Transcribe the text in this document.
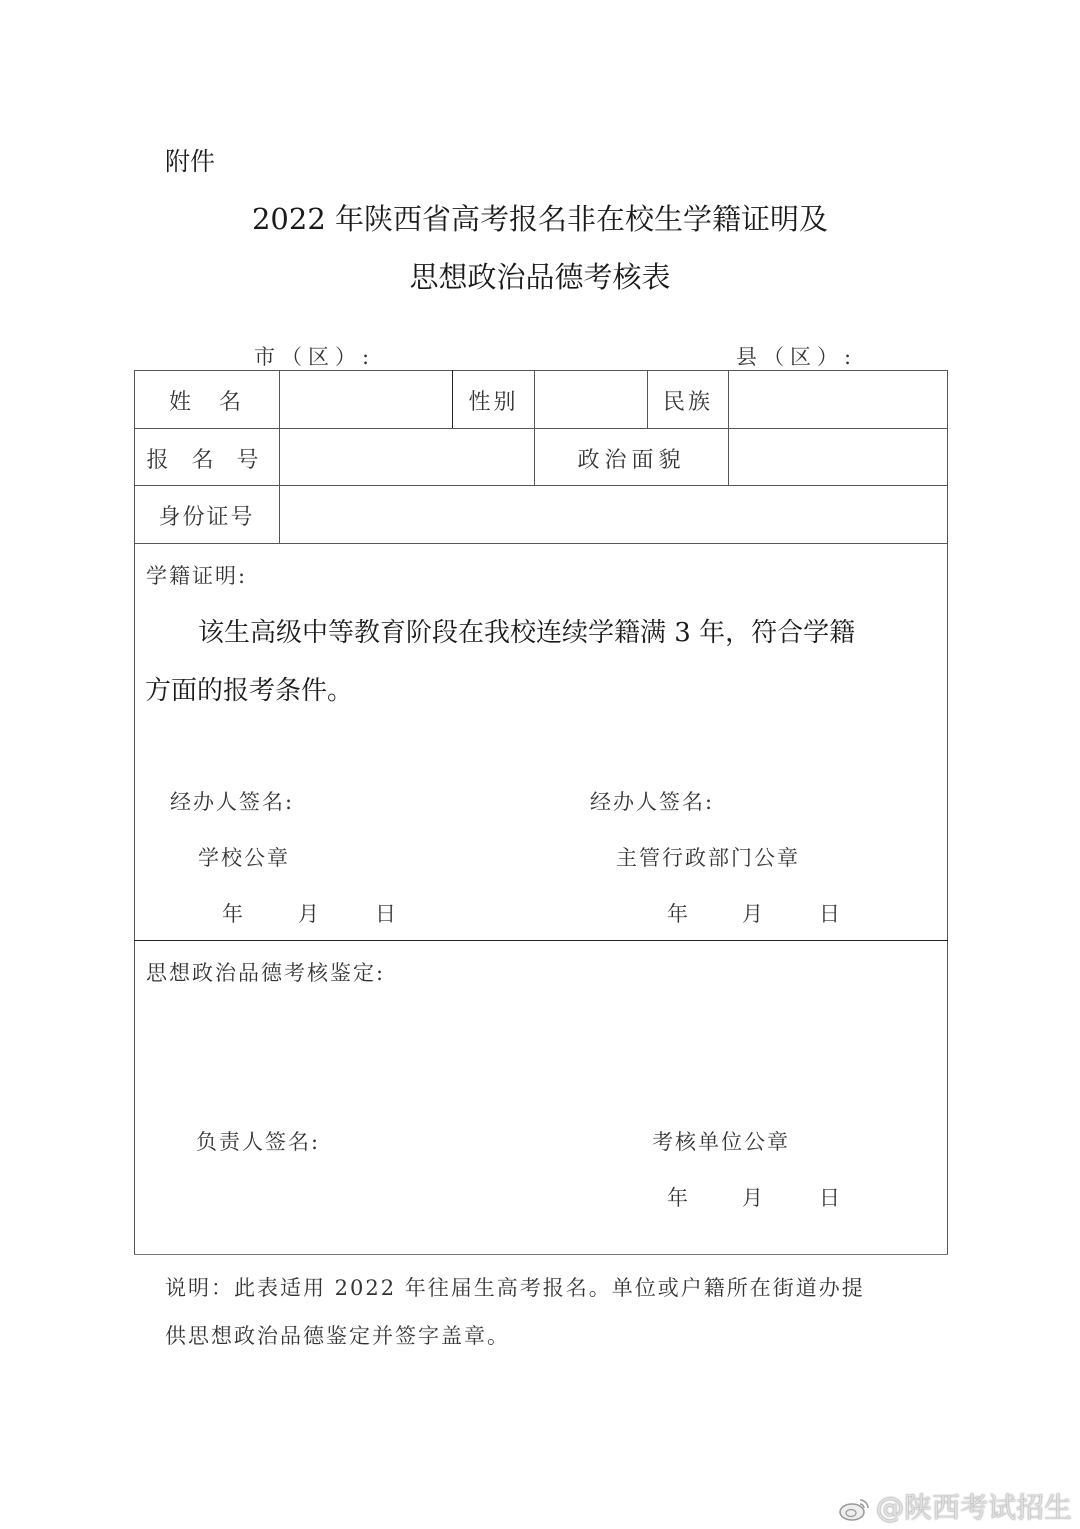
附件
2022 年陕西省高考报名非在校生学籍证明及
思想政治品德考核表
市（区）:	县（区）:
姓　名	性别	民族
报 名 号	政治面貌
身份证号
学籍证明:
该生高级中等教育阶段在我校连续学籍满 3 年，符合学籍
方面的报考条件。
经办人签名:
学校公章
年	月	日
经办人签名:
主管行政部门公章
年 月	日
思想政治品德考核鉴定:
负责人签名:	考核单位公章
年 月	日
说明：此表适用 2022 年往届生高考报名。单位或户籍所在街道办提
供思想政治品德鉴定并签字盖章。
@陕西考试招生
